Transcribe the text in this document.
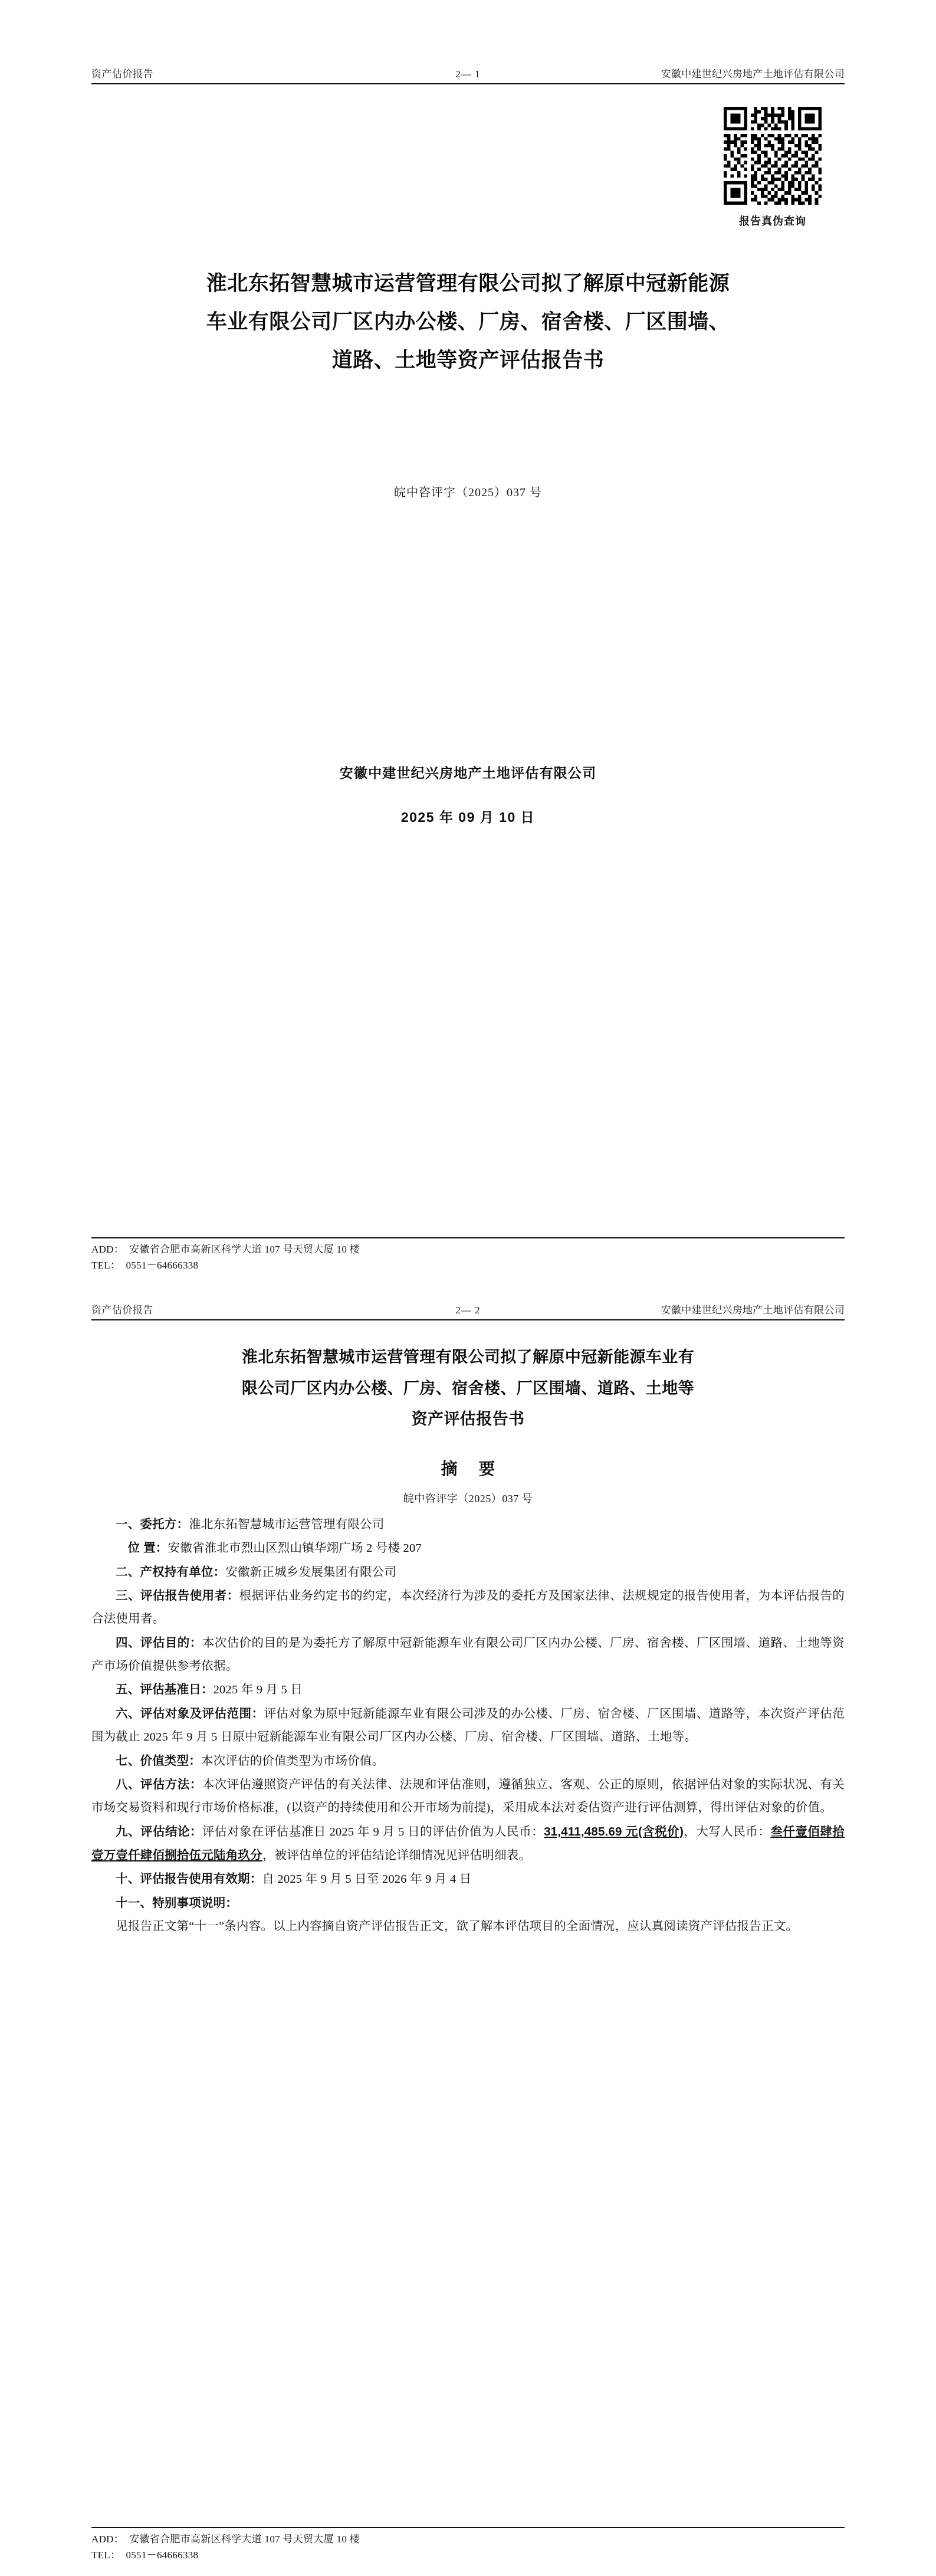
资产估价报告	2— 1	安徽中建世纪兴房地产土地评估有限公司
报告真伪查询
淮北东拓智慧城市运营管理有限公司拟了解原中冠新能源
车业有限公司厂区内办公楼、厂房、宿舍楼、厂区围墙、
道路、土地等资产评估报告书
皖中咨评字（2025）037 号
安徽中建世纪兴房地产土地评估有限公司
2025 年 09 月 10 日
ADD：  安徽省合肥市高新区科学大道 107 号天贸大厦 10 楼
TEL：  0551－64666338
资产估价报告	2— 2	安徽中建世纪兴房地产土地评估有限公司
淮北东拓智慧城市运营管理有限公司拟了解原中冠新能源车业有
限公司厂区内办公楼、厂房、宿舍楼、厂区围墙、道路、土地等
资产评估报告书
摘 要
皖中咨评字（2025）037 号

一、委托方：淮北东拓智慧城市运营管理有限公司

位 置：安徽省淮北市烈山区烈山镇华翊广场 2 号楼 207

二、产权持有单位：安徽新正城乡发展集团有限公司

三、评估报告使用者：根据评估业务约定书的约定，本次经济行为涉及的委托方及国家法律、法规规定的报告使用者，为本评估报告的合法使用者。

四、评估目的：本次估价的目的是为委托方了解原中冠新能源车业有限公司厂区内办公楼、厂房、宿舍楼、厂区围墙、道路、土地等资产市场价值提供参考依据。

五、评估基准日：2025 年 9 月 5 日

六、评估对象及评估范围：评估对象为原中冠新能源车业有限公司涉及的办公楼、厂房、宿舍楼、厂区围墙、道路等，本次资产评估范围为截止 2025 年 9 月 5 日原中冠新能源车业有限公司厂区内办公楼、厂房、宿舍楼、厂区围墙、道路、土地等。

七、价值类型：本次评估的价值类型为市场价值。

八、评估方法：本次评估遵照资产评估的有关法律、法规和评估准则，遵循独立、客观、公正的原则，依据评估对象的实际状况、有关市场交易资料和现行市场价格标准，(以资产的持续使用和公开市场为前提)，采用成本法对委估资产进行评估测算，得出评估对象的价值。

九、评估结论：评估对象在评估基准日 2025 年 9 月 5 日的评估价值为人民币：31,411,485.69 元(含税价)，大写人民币：叁仟壹佰肆拾壹万壹仟肆佰捌拾伍元陆角玖分，被评估单位的评估结论详细情况见评估明细表。

十、评估报告使用有效期：自 2025 年 9 月 5 日至 2026 年 9 月 4 日

十一、特别事项说明：

见报告正文第“十一”条内容。以上内容摘自资产评估报告正文，欲了解本评估项目的全面情况，应认真阅读资产评估报告正文。

ADD：  安徽省合肥市高新区科学大道 107 号天贸大厦 10 楼
TEL：  0551－64666338
